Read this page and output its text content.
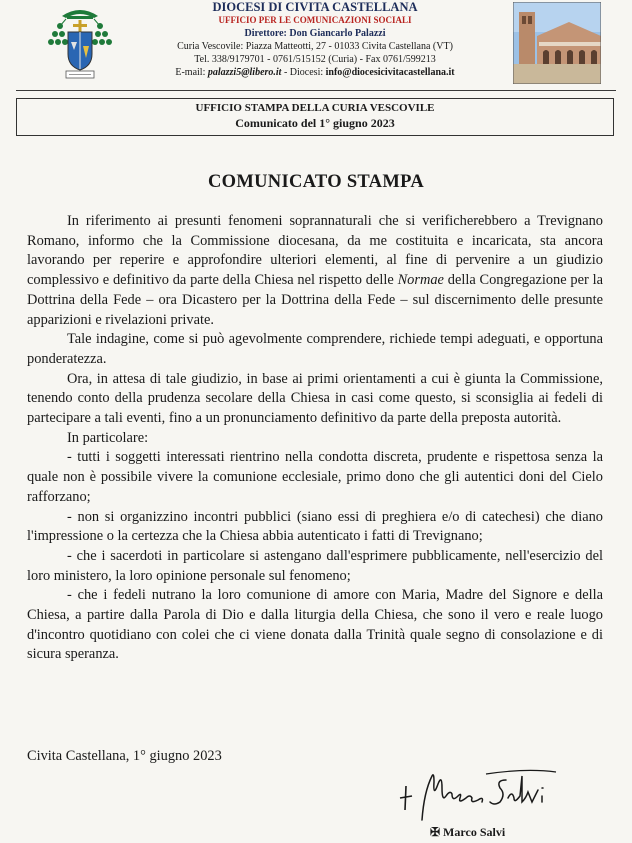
DIOCESI DI CIVITA CASTELLANA
UFFICIO PER LE COMUNICAZIONI SOCIALI
Direttore: Don Giancarlo Palazzi
Curia Vescovile: Piazza Matteotti, 27 - 01033 Civita Castellana (VT)
Tel. 338/9179701 - 0761/515152 (Curia) - Fax 0761/599213
E-mail: palazzi5@libero.it - Diocesi: info@diocesicivitacastellana.it
UFFICIO STAMPA DELLA CURIA VESCOVILE
Comunicato del 1° giugno 2023
COMUNICATO STAMPA

In riferimento ai presunti fenomeni soprannaturali che si verificherebbero a Trevignano Romano, informo che la Commissione diocesana, da me costituita e incaricata, sta ancora lavorando per reperire e approfondire ulteriori elementi, al fine di pervenire a un giudizio complessivo e definitivo da parte della Chiesa nel rispetto delle Normae della Congregazione per la Dottrina della Fede – ora Dicastero per la Dottrina della Fede – sul discernimento delle presunte apparizioni e rivelazioni private.

Tale indagine, come si può agevolmente comprendere, richiede tempi adeguati, e opportuna ponderatezza.

Ora, in attesa di tale giudizio, in base ai primi orientamenti a cui è giunta la Commissione, tenendo conto della prudenza secolare della Chiesa in casi come questo, si sconsiglia ai fedeli di partecipare a tali eventi, fino a un pronunciamento definitivo da parte della preposta autorità.

In particolare:

- tutti i soggetti interessati rientrino nella condotta discreta, prudente e rispettosa senza la quale non è possibile vivere la comunione ecclesiale, primo dono che gli autentici doni del Cielo rafforzano;

- non si organizzino incontri pubblici (siano essi di preghiera e/o di catechesi) che diano l'impressione o la certezza che la Chiesa abbia autenticato i fatti di Trevignano;

- che i sacerdoti in particolare si astengano dall'esprimere pubblicamente, nell'esercizio del loro ministero, la loro opinione personale sul fenomeno;

- che i fedeli nutrano la loro comunione di amore con Maria, Madre del Signore e della Chiesa, a partire dalla Parola di Dio e dalla liturgia della Chiesa, che sono il vero e reale luogo d'incontro quotidiano con colei che ci viene donata dalla Trinità quale segno di consolazione e di sicura speranza.

Civita Castellana, 1° giugno 2023
✠ Marco Salvi
